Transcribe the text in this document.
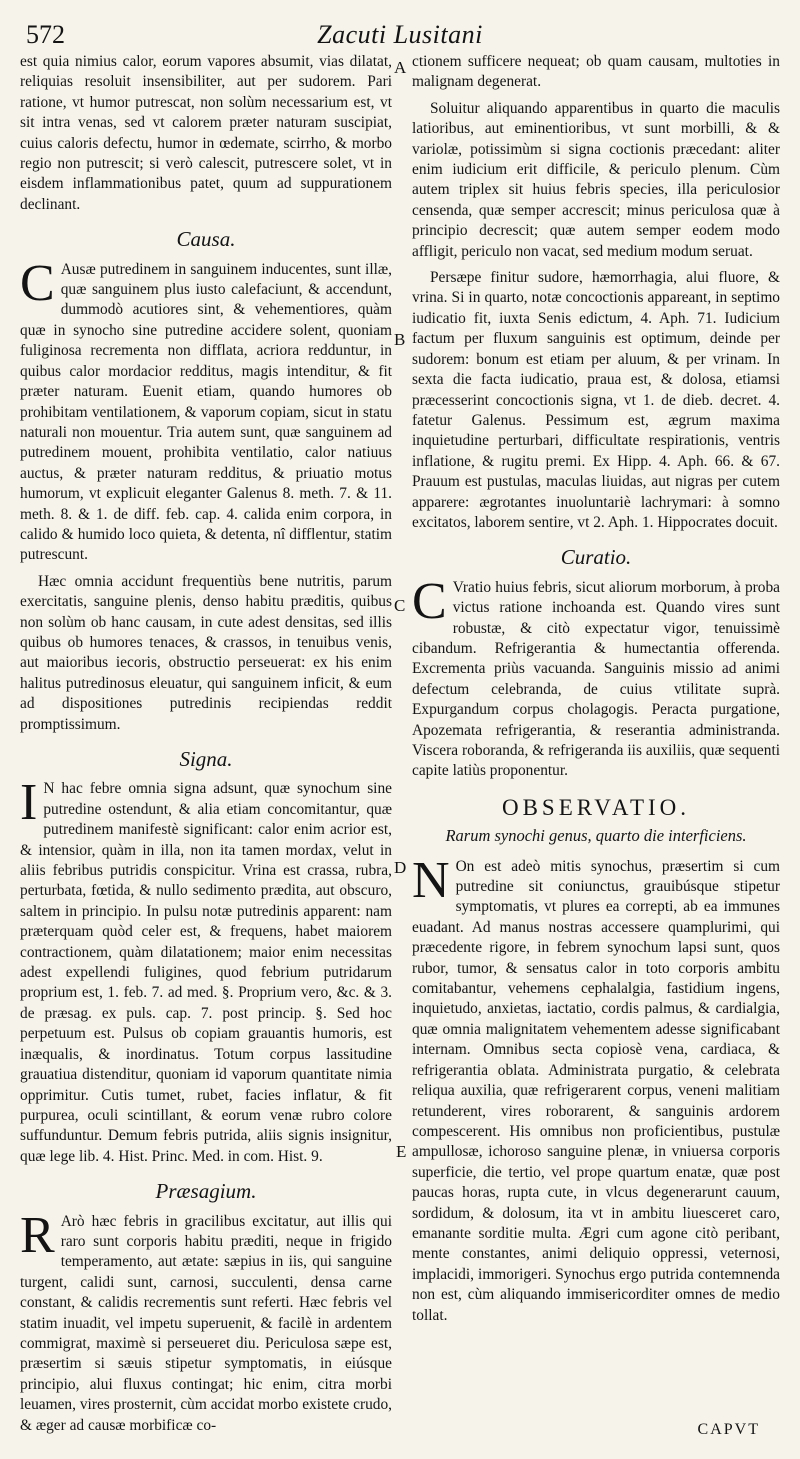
572	Zacuti Lusitani

est quia nimius calor, eorum vapores absumit, vias dilatat, reliquias resoluit insensibiliter, aut per sudorem. Pari ratione, vt humor putrescat, non solùm necessarium est, vt sit intra venas, sed vt calorem præter naturam suscipiat, cuius caloris defectu, humor in œdemate, scirrho, & morbo regio non putrescit; si verò calescit, putrescere solet, vt in eisdem inflammationibus patet, quum ad suppurationem declinant.

Causa.

C Ausæ putredinem in sanguinem inducentes, sunt illæ, quæ sanguinem plus iusto calefaciunt, & accendunt, dummodò acutiores sint, & vehementiores, quàm quæ in synocho sine putredine accidere solent, quoniam fuliginosa recrementa non difflata, acriora redduntur, in quibus calor mordacior redditus, magis intenditur, & fit præter naturam. Euenit etiam, quando humores ob prohibitam ventilationem, & vaporum copiam, sicut in statu naturali non mouentur. Tria autem sunt, quæ sanguinem ad putredinem mouent, prohibita ventilatio, calor natiuus auctus, & præter naturam redditus, & priuatio motus humorum, vt explicuit eleganter Galenus 8. meth. 7. & 11. meth. 8. & 1. de diff. feb. cap. 4. calida enim corpora, in calido & humido loco quieta, & detenta, nî difflentur, statim putrescunt.

Hæc omnia accidunt frequentiùs bene nutritis, parum exercitatis, sanguine plenis, denso habitu præditis, quibus non solùm ob hanc causam, in cute adest densitas, sed illis quibus ob humores tenaces, & crassos, in tenuibus venis, aut maioribus iecoris, obstructio perseuerat: ex his enim halitus putredinosus eleuatur, qui sanguinem inficit, & eum ad dispositiones putredinis recipiendas reddit promptissimum.

Signa.

I N hac febre omnia signa adsunt, quæ synochum sine putredine ostendunt, & alia etiam concomitantur, quæ putredinem manifestè significant: calor enim acrior est, & intensior, quàm in illa, non ita tamen mordax, velut in aliis febribus putridis conspicitur. Vrina est crassa, rubra, perturbata, fœtida, & nullo sedimento prædita, aut obscuro, saltem in principio. In pulsu notæ putredinis apparent: nam præterquam quòd celer est, & frequens, habet maiorem contractionem, quàm dilatationem; maior enim necessitas adest expellendi fuligines, quod febrium putridarum proprium est, 1. feb. 7. ad med. §. Proprium vero, &c. & 3. de præsag. ex puls. cap. 7. post princip. §. Sed hoc perpetuum est. Pulsus ob copiam grauantis humoris, est inæqualis, & inordinatus. Totum corpus lassitudine grauatiua distenditur, quoniam id vaporum quantitate nimia opprimitur. Cutis tumet, rubet, facies inflatur, & fit purpurea, oculi scintillant, & eorum venæ rubro colore suffunduntur. Demum febris putrida, aliis signis insignitur, quæ lege lib. 4. Hist. Princ. Med. in com. Hist. 9.

Præsagium.

R Arò hæc febris in gracilibus excitatur, aut illis qui raro sunt corporis habitu præditi, neque in frigido temperamento, aut ætate: sæpius in iis, qui sanguine turgent, calidi sunt, carnosi, succulenti, densa carne constant, & calidis recrementis sunt referti. Hæc febris vel statim inuadit, vel impetu superuenit, & facilè in ardentem commigrat, maximè si perseueret diu. Periculosa sæpe est, præsertim si sæuis stipetur symptomatis, in eiúsque principio, alui fluxus contingat; hic enim, citra morbi leuamen, vires prosternit, cùm accidat morbo existete crudo, & æger ad causæ morbificæ co-

A
B
C
D
E

ctionem sufficere nequeat; ob quam causam, multoties in malignam degenerat.

Soluitur aliquando apparentibus in quarto die maculis latioribus, aut eminentioribus, vt sunt morbilli, & & variolæ, potissimùm si signa coctionis præcedant: aliter enim iudicium erit difficile, & periculo plenum. Cùm autem triplex sit huius febris species, illa periculosior censenda, quæ semper accrescit; minus periculosa quæ à principio decrescit; quæ autem semper eodem modo affligit, periculo non vacat, sed medium modum seruat.

Persæpe finitur sudore, hæmorrhagia, alui fluore, & vrina. Si in quarto, notæ concoctionis appareant, in septimo iudicatio fit, iuxta Senis edictum, 4. Aph. 71. Iudicium factum per fluxum sanguinis est optimum, deinde per sudorem: bonum est etiam per aluum, & per vrinam. In sexta die facta iudicatio, praua est, & dolosa, etiamsi præcesserint concoctionis signa, vt 1. de dieb. decret. 4. fatetur Galenus. Pessimum est, ægrum maxima inquietudine perturbari, difficultate respirationis, ventris inflatione, & rugitu premi. Ex Hipp. 4. Aph. 66. & 67. Prauum est pustulas, maculas liuidas, aut nigras per cutem apparere: ægrotantes inuoluntariè lachrymari: à somno excitatos, laborem sentire, vt 2. Aph. 1. Hippocrates docuit.

Curatio.

C Vratio huius febris, sicut aliorum morborum, à proba victus ratione inchoanda est. Quando vires sunt robustæ, & citò expectatur vigor, tenuissimè cibandum. Refrigerantia & humectantia offerenda. Excrementa priùs vacuanda. Sanguinis missio ad animi defectum celebranda, de cuius vtilitate suprà. Expurgandum corpus cholagogis. Peracta purgatione, Apozemata refrigerantia, & reserantia administranda. Viscera roboranda, & refrigeranda iis auxiliis, quæ sequenti capite latiùs proponentur.

OBSERVATIO.
Rarum synochi genus, quarto die interficiens.

N On est adeò mitis synochus, præsertim si cum putredine sit coniunctus, grauibúsque stipetur symptomatis, vt plures ea correpti, ab ea immunes euadant. Ad manus nostras accessere quamplurimi, qui præcedente rigore, in febrem synochum lapsi sunt, quos rubor, tumor, & sensatus calor in toto corporis ambitu comitabantur, vehemens cephalalgia, fastidium ingens, inquietudo, anxietas, iactatio, cordis palmus, & cardialgia, quæ omnia malignitatem vehementem adesse significabant internam. Omnibus secta copiosè vena, cardiaca, & refrigerantia oblata. Administrata purgatio, & celebrata reliqua auxilia, quæ refrigerarent corpus, veneni malitiam retunderent, vires roborarent, & sanguinis ardorem compescerent. His omnibus non proficientibus, pustulæ ampullosæ, ichoroso sanguine plenæ, in vniuersa corporis superficie, die tertio, vel prope quartum enatæ, quæ post paucas horas, rupta cute, in vlcus degenerarunt cauum, sordidum, & dolosum, ita vt in ambitu liuesceret caro, emanante sorditie multa. Ægri cum agone citò peribant, mente constantes, animi deliquio oppressi, veternosi, implacidi, immorigeri. Synochus ergo putrida contemnenda non est, cùm aliquando immisericorditer omnes de medio tollat.

CAPVT
